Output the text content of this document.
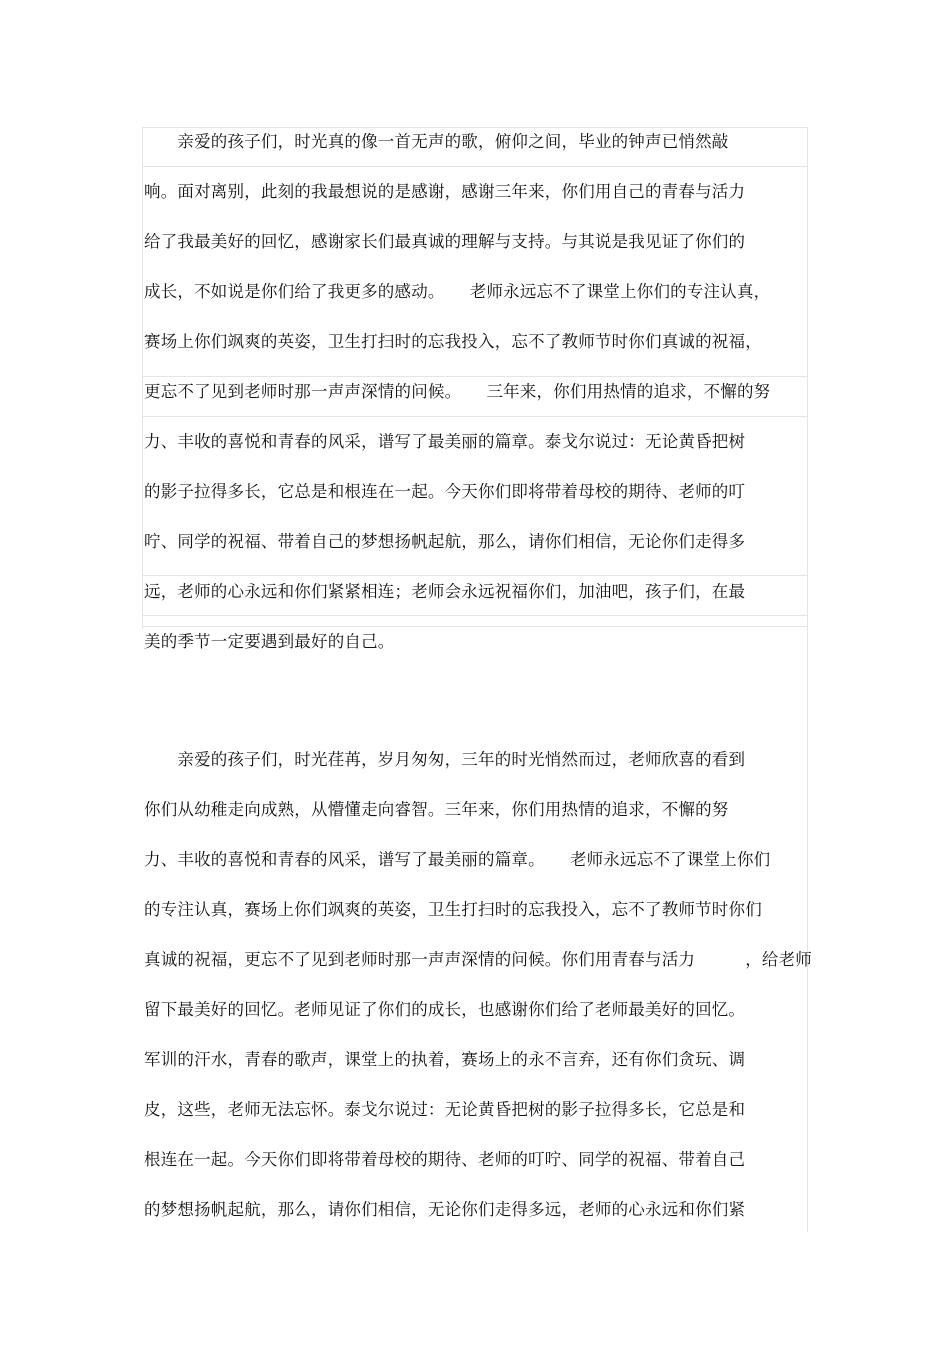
　　亲爱的孩子们，时光真的像一首无声的歌，俯仰之间，毕业的钟声已悄然敲
响。面对离别，此刻的我最想说的是感谢，感谢三年来，你们用自己的青春与活力
给了我最美好的回忆，感谢家长们最真诚的理解与支持。与其说是我见证了你们的
成长，不如说是你们给了我更多的感动。　　老师永远忘不了课堂上你们的专注认真，
赛场上你们飒爽的英姿，卫生打扫时的忘我投入，忘不了教师节时你们真诚的祝福，
更忘不了见到老师时那一声声深情的问候。　　三年来，你们用热情的追求，不懈的努
力、丰收的喜悦和青春的风采，谱写了最美丽的篇章。泰戈尔说过：无论黄昏把树
的影子拉得多长，它总是和根连在一起。今天你们即将带着母校的期待、老师的叮
咛、同学的祝福、带着自己的梦想扬帆起航，那么，请你们相信，无论你们走得多
远，老师的心永远和你们紧紧相连；老师会永远祝福你们，加油吧，孩子们，在最
美的季节一定要遇到最好的自己。
　　亲爱的孩子们，时光荏苒，岁月匆匆，三年的时光悄然而过，老师欣喜的看到
你们从幼稚走向成熟，从懵懂走向睿智。三年来，你们用热情的追求，不懈的努
力、丰收的喜悦和青春的风采，谱写了最美丽的篇章。　　老师永远忘不了课堂上你们
的专注认真，赛场上你们飒爽的英姿，卫生打扫时的忘我投入，忘不了教师节时你们
真诚的祝福，更忘不了见到老师时那一声声深情的问候。你们用青春与活力　　　，给老师
留下最美好的回忆。老师见证了你们的成长，也感谢你们给了老师最美好的回忆。
军训的汗水，青春的歌声，课堂上的执着，赛场上的永不言弃，还有你们贪玩、调
皮，这些，老师无法忘怀。泰戈尔说过：无论黄昏把树的影子拉得多长，它总是和
根连在一起。今天你们即将带着母校的期待、老师的叮咛、同学的祝福、带着自己
的梦想扬帆起航，那么，请你们相信，无论你们走得多远，老师的心永远和你们紧
